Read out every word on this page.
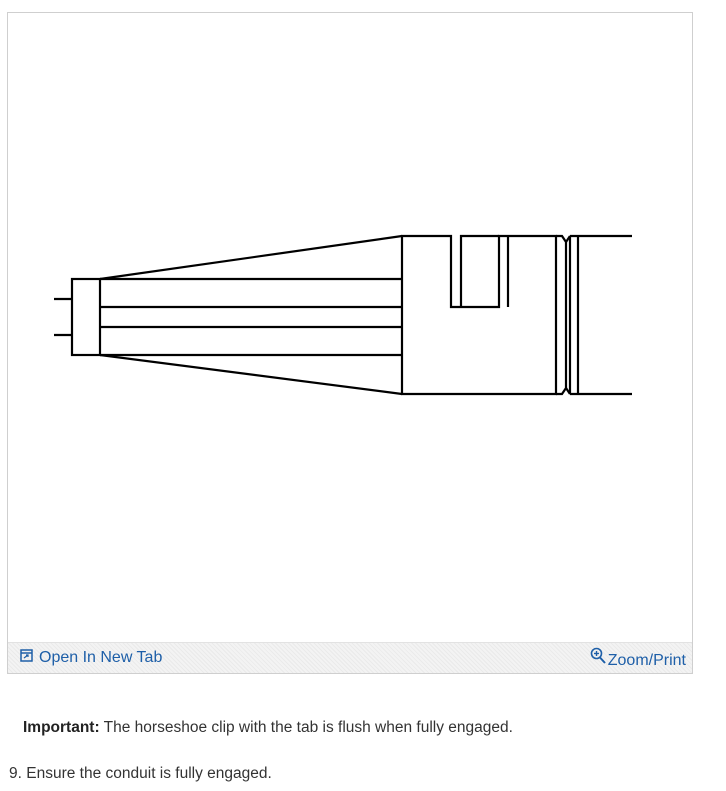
Open In New Tab	Zoom/Print
Important: The horseshoe clip with the tab is flush when fully engaged.
9. Ensure the conduit is fully engaged.
